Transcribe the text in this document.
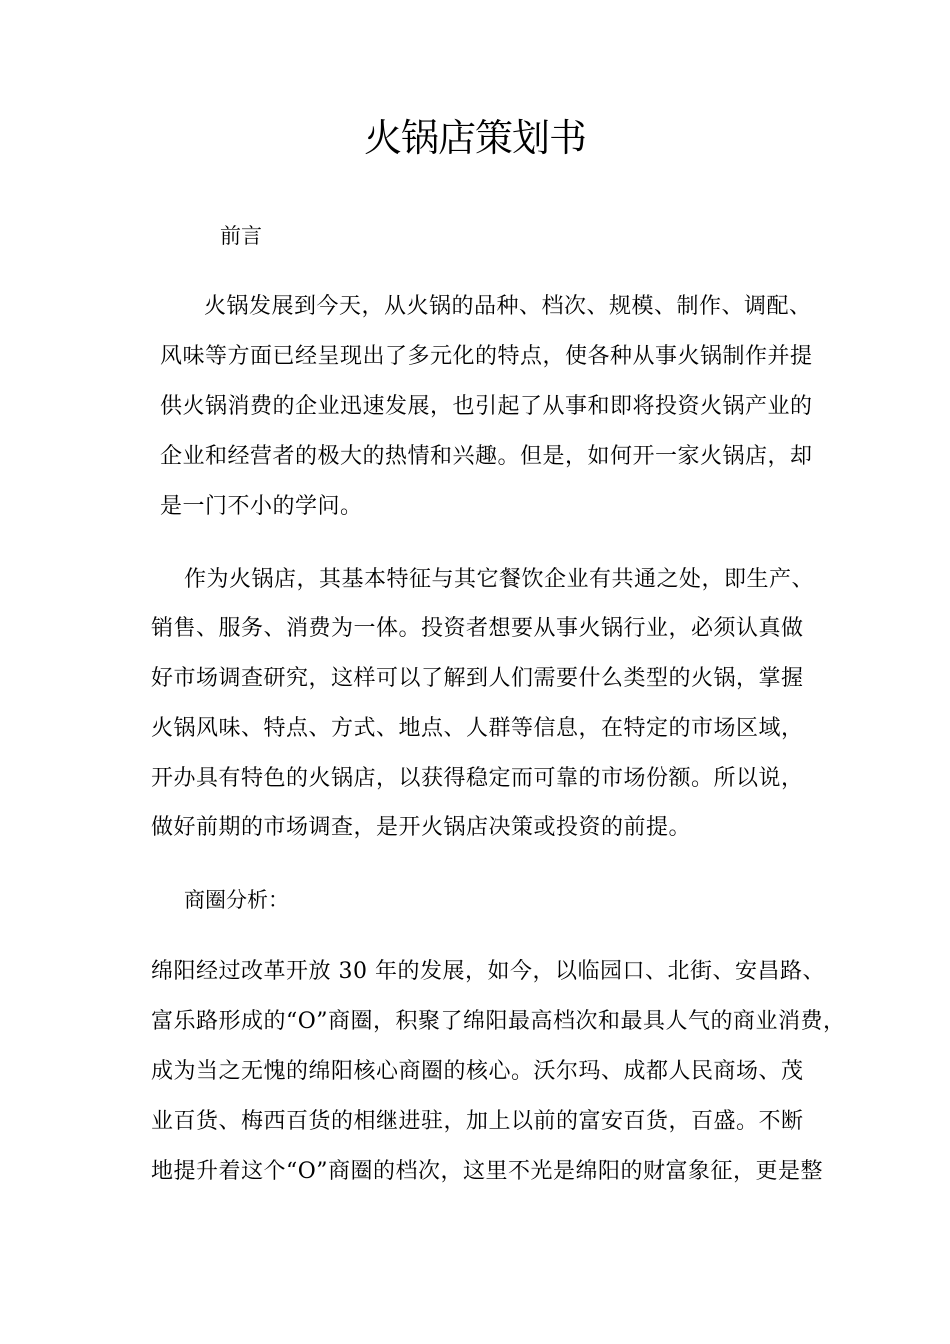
火锅店策划书
前言
火锅发展到今天，从火锅的品种、档次、规模、制作、调配、
风味等方面已经呈现出了多元化的特点，使各种从事火锅制作并提
供火锅消费的企业迅速发展，也引起了从事和即将投资火锅产业的
企业和经营者的极大的热情和兴趣。但是，如何开一家火锅店，却
是一门不小的学问。
作为火锅店，其基本特征与其它餐饮企业有共通之处，即生产、
销售、服务、消费为一体。投资者想要从事火锅行业，必须认真做
好市场调查研究，这样可以了解到人们需要什么类型的火锅，掌握
火锅风味、特点、方式、地点、人群等信息，在特定的市场区域，
开办具有特色的火锅店，以获得稳定而可靠的市场份额。所以说，
做好前期的市场调查，是开火锅店决策或投资的前提。
商圈分析：
绵阳经过改革开放 30 年的发展，如今，以临园口、北街、安昌路、
富乐路形成的“O”商圈，积聚了绵阳最高档次和最具人气的商业消费，
成为当之无愧的绵阳核心商圈的核心。沃尔玛、成都人民商场、茂
业百货、梅西百货的相继进驻，加上以前的富安百货，百盛。不断
地提升着这个“O”商圈的档次，这里不光是绵阳的财富象征，更是整
